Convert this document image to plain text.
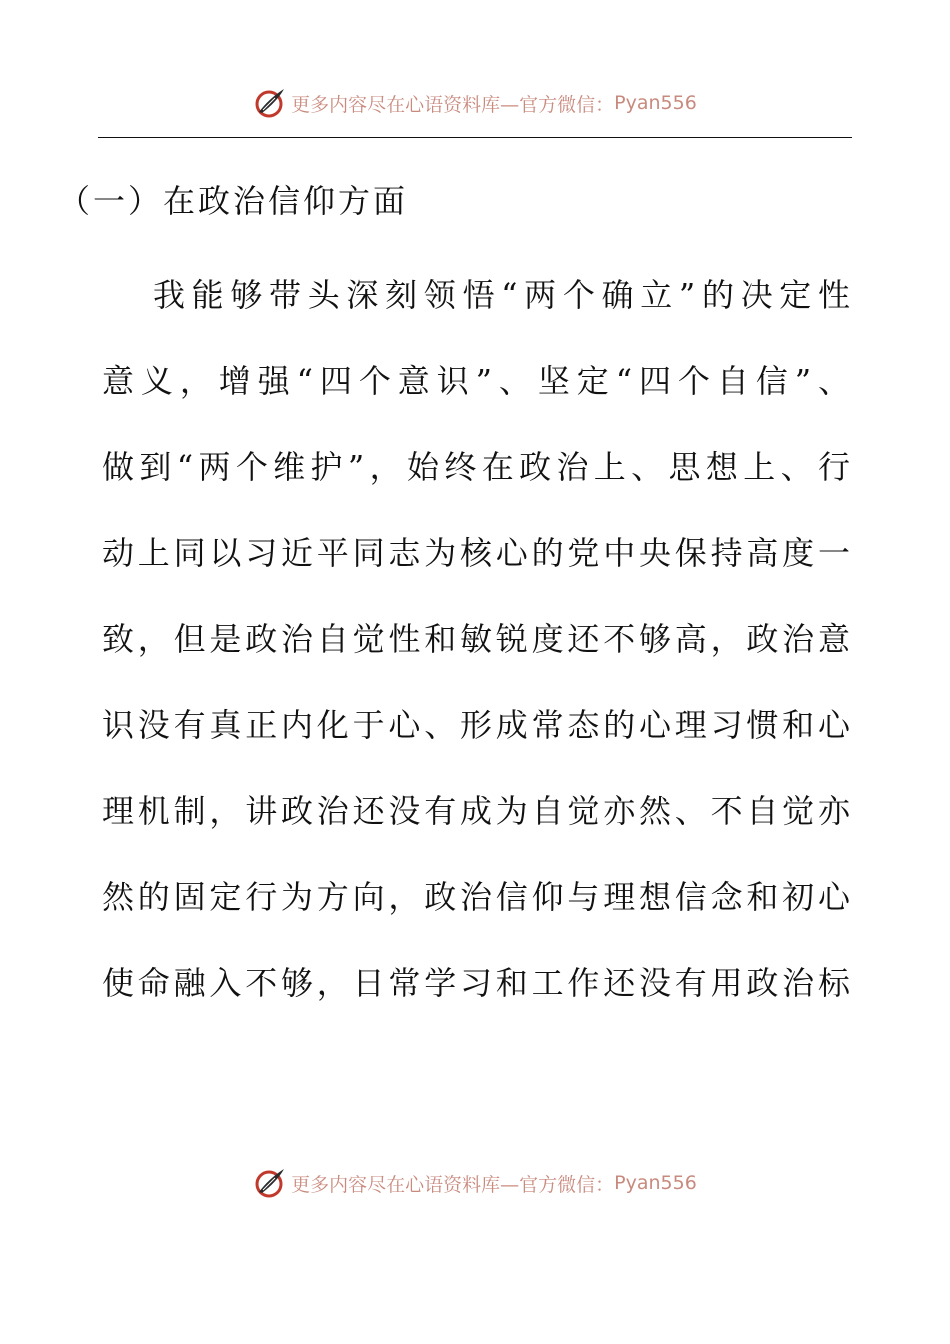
更多内容尽在心语资料库—官方微信： Pyan556
（一）在政治信仰方面
我能够带头深刻领悟“两个确立”的决定性
意义，增强“四个意识”、坚定“四个自信”、
做到“两个维护”，始终在政治上、思想上、行
动上同以习近平同志为核心的党中央保持高度一
致，但是政治自觉性和敏锐度还不够高，政治意
识没有真正内化于心、形成常态的心理习惯和心
理机制，讲政治还没有成为自觉亦然、不自觉亦
然的固定行为方向，政治信仰与理想信念和初心
使命融入不够，日常学习和工作还没有用政治标
更多内容尽在心语资料库—官方微信： Pyan556
